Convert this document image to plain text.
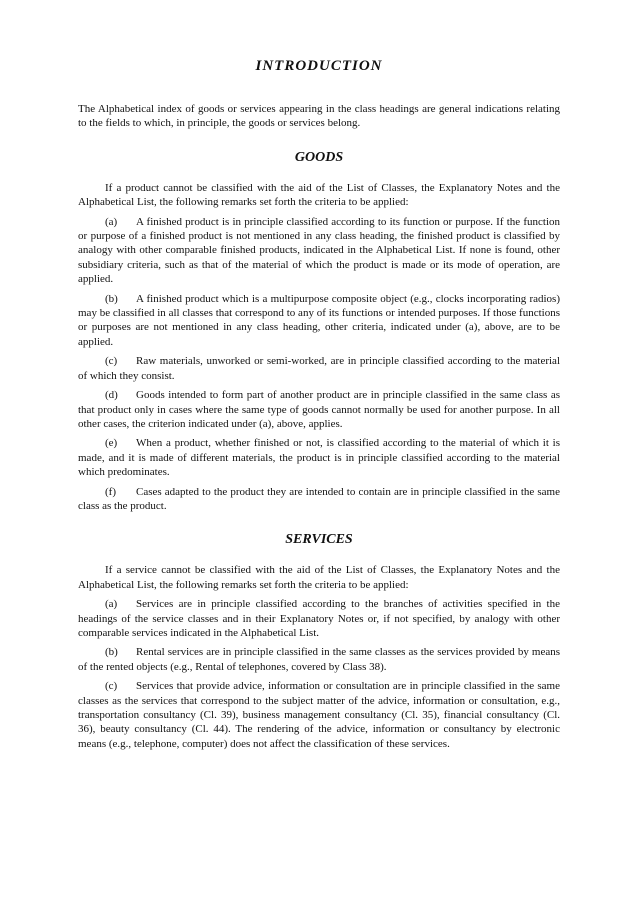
INTRODUCTION

The Alphabetical index of goods or services appearing in the class headings are general indications relating to the fields to which, in principle, the goods or services belong.

GOODS

If a product cannot be classified with the aid of the List of Classes, the Explanatory Notes and the Alphabetical List, the following remarks set forth the criteria to be applied:

(a) A finished product is in principle classified according to its function or purpose. If the function or purpose of a finished product is not mentioned in any class heading, the finished product is classified by analogy with other comparable finished products, indicated in the Alphabetical List. If none is found, other subsidiary criteria, such as that of the material of which the product is made or its mode of operation, are applied.

(b) A finished product which is a multipurpose composite object (e.g., clocks incorporating radios) may be classified in all classes that correspond to any of its functions or intended purposes. If those functions or purposes are not mentioned in any class heading, other criteria, indicated under (a), above, are to be applied.

(c) Raw materials, unworked or semi-worked, are in principle classified according to the material of which they consist.

(d) Goods intended to form part of another product are in principle classified in the same class as that product only in cases where the same type of goods cannot normally be used for another purpose. In all other cases, the criterion indicated under (a), above, applies.

(e) When a product, whether finished or not, is classified according to the material of which it is made, and it is made of different materials, the product is in principle classified according to the material which predominates.

(f) Cases adapted to the product they are intended to contain are in principle classified in the same class as the product.

SERVICES

If a service cannot be classified with the aid of the List of Classes, the Explanatory Notes and the Alphabetical List, the following remarks set forth the criteria to be applied:

(a) Services are in principle classified according to the branches of activities specified in the headings of the service classes and in their Explanatory Notes or, if not specified, by analogy with other comparable services indicated in the Alphabetical List.

(b) Rental services are in principle classified in the same classes as the services provided by means of the rented objects (e.g., Rental of telephones, covered by Class 38).

(c) Services that provide advice, information or consultation are in principle classified in the same classes as the services that correspond to the subject matter of the advice, information or consultation, e.g., transportation consultancy (Cl. 39), business management consultancy (Cl. 35), financial consultancy (Cl. 36), beauty consultancy (Cl. 44). The rendering of the advice, information or consultancy by electronic means (e.g., telephone, computer) does not affect the classification of these services.
